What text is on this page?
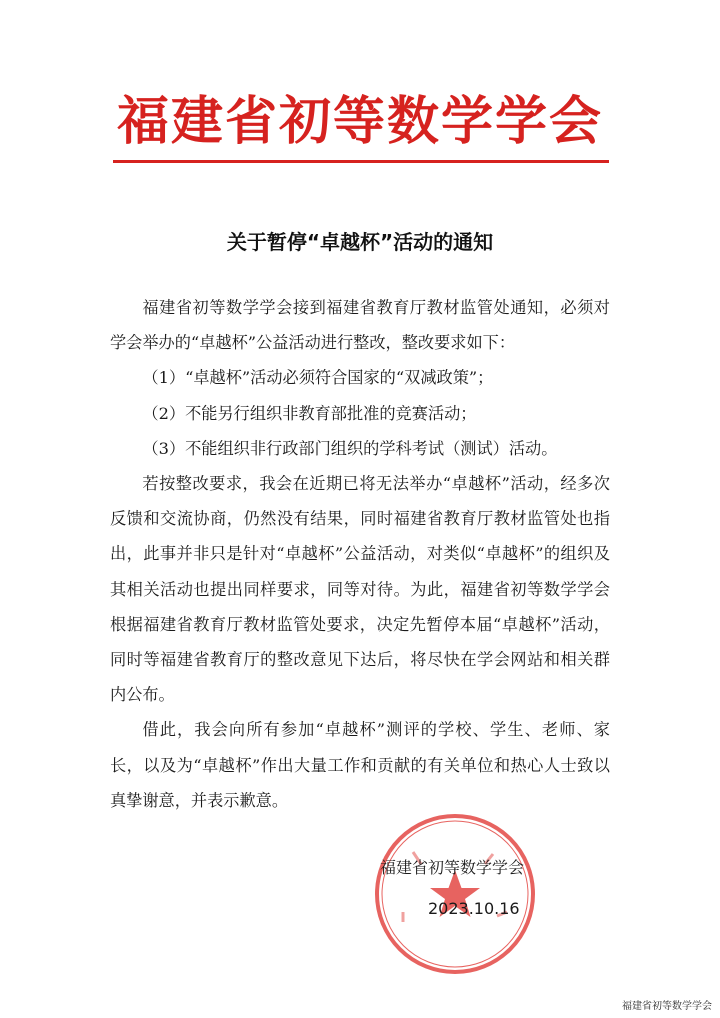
福建省初等数学学会
关于暂停“卓越杯”活动的通知

福建省初等数学学会接到福建省教育厅教材监管处通知，必须对学会举办的“卓越杯”公益活动进行整改，整改要求如下：

（1）“卓越杯”活动必须符合国家的“双减政策”；

（2）不能另行组织非教育部批准的竞赛活动；

（3）不能组织非行政部门组织的学科考试（测试）活动。

若按整改要求，我会在近期已将无法举办“卓越杯”活动，经多次反馈和交流协商，仍然没有结果，同时福建省教育厅教材监管处也指出，此事并非只是针对“卓越杯”公益活动，对类似“卓越杯”的组织及其相关活动也提出同样要求，同等对待。为此，福建省初等数学学会根据福建省教育厅教材监管处要求，决定先暂停本届“卓越杯”活动，同时等福建省教育厅的整改意见下达后，将尽快在学会网站和相关群内公布。

借此，我会向所有参加“卓越杯”测评的学校、学生、老师、家长，以及为“卓越杯”作出大量工作和贡献的有关单位和热心人士致以真挚谢意，并表示歉意。

福建省初等数学学会
2023.10.16
福建省初等数学学会
